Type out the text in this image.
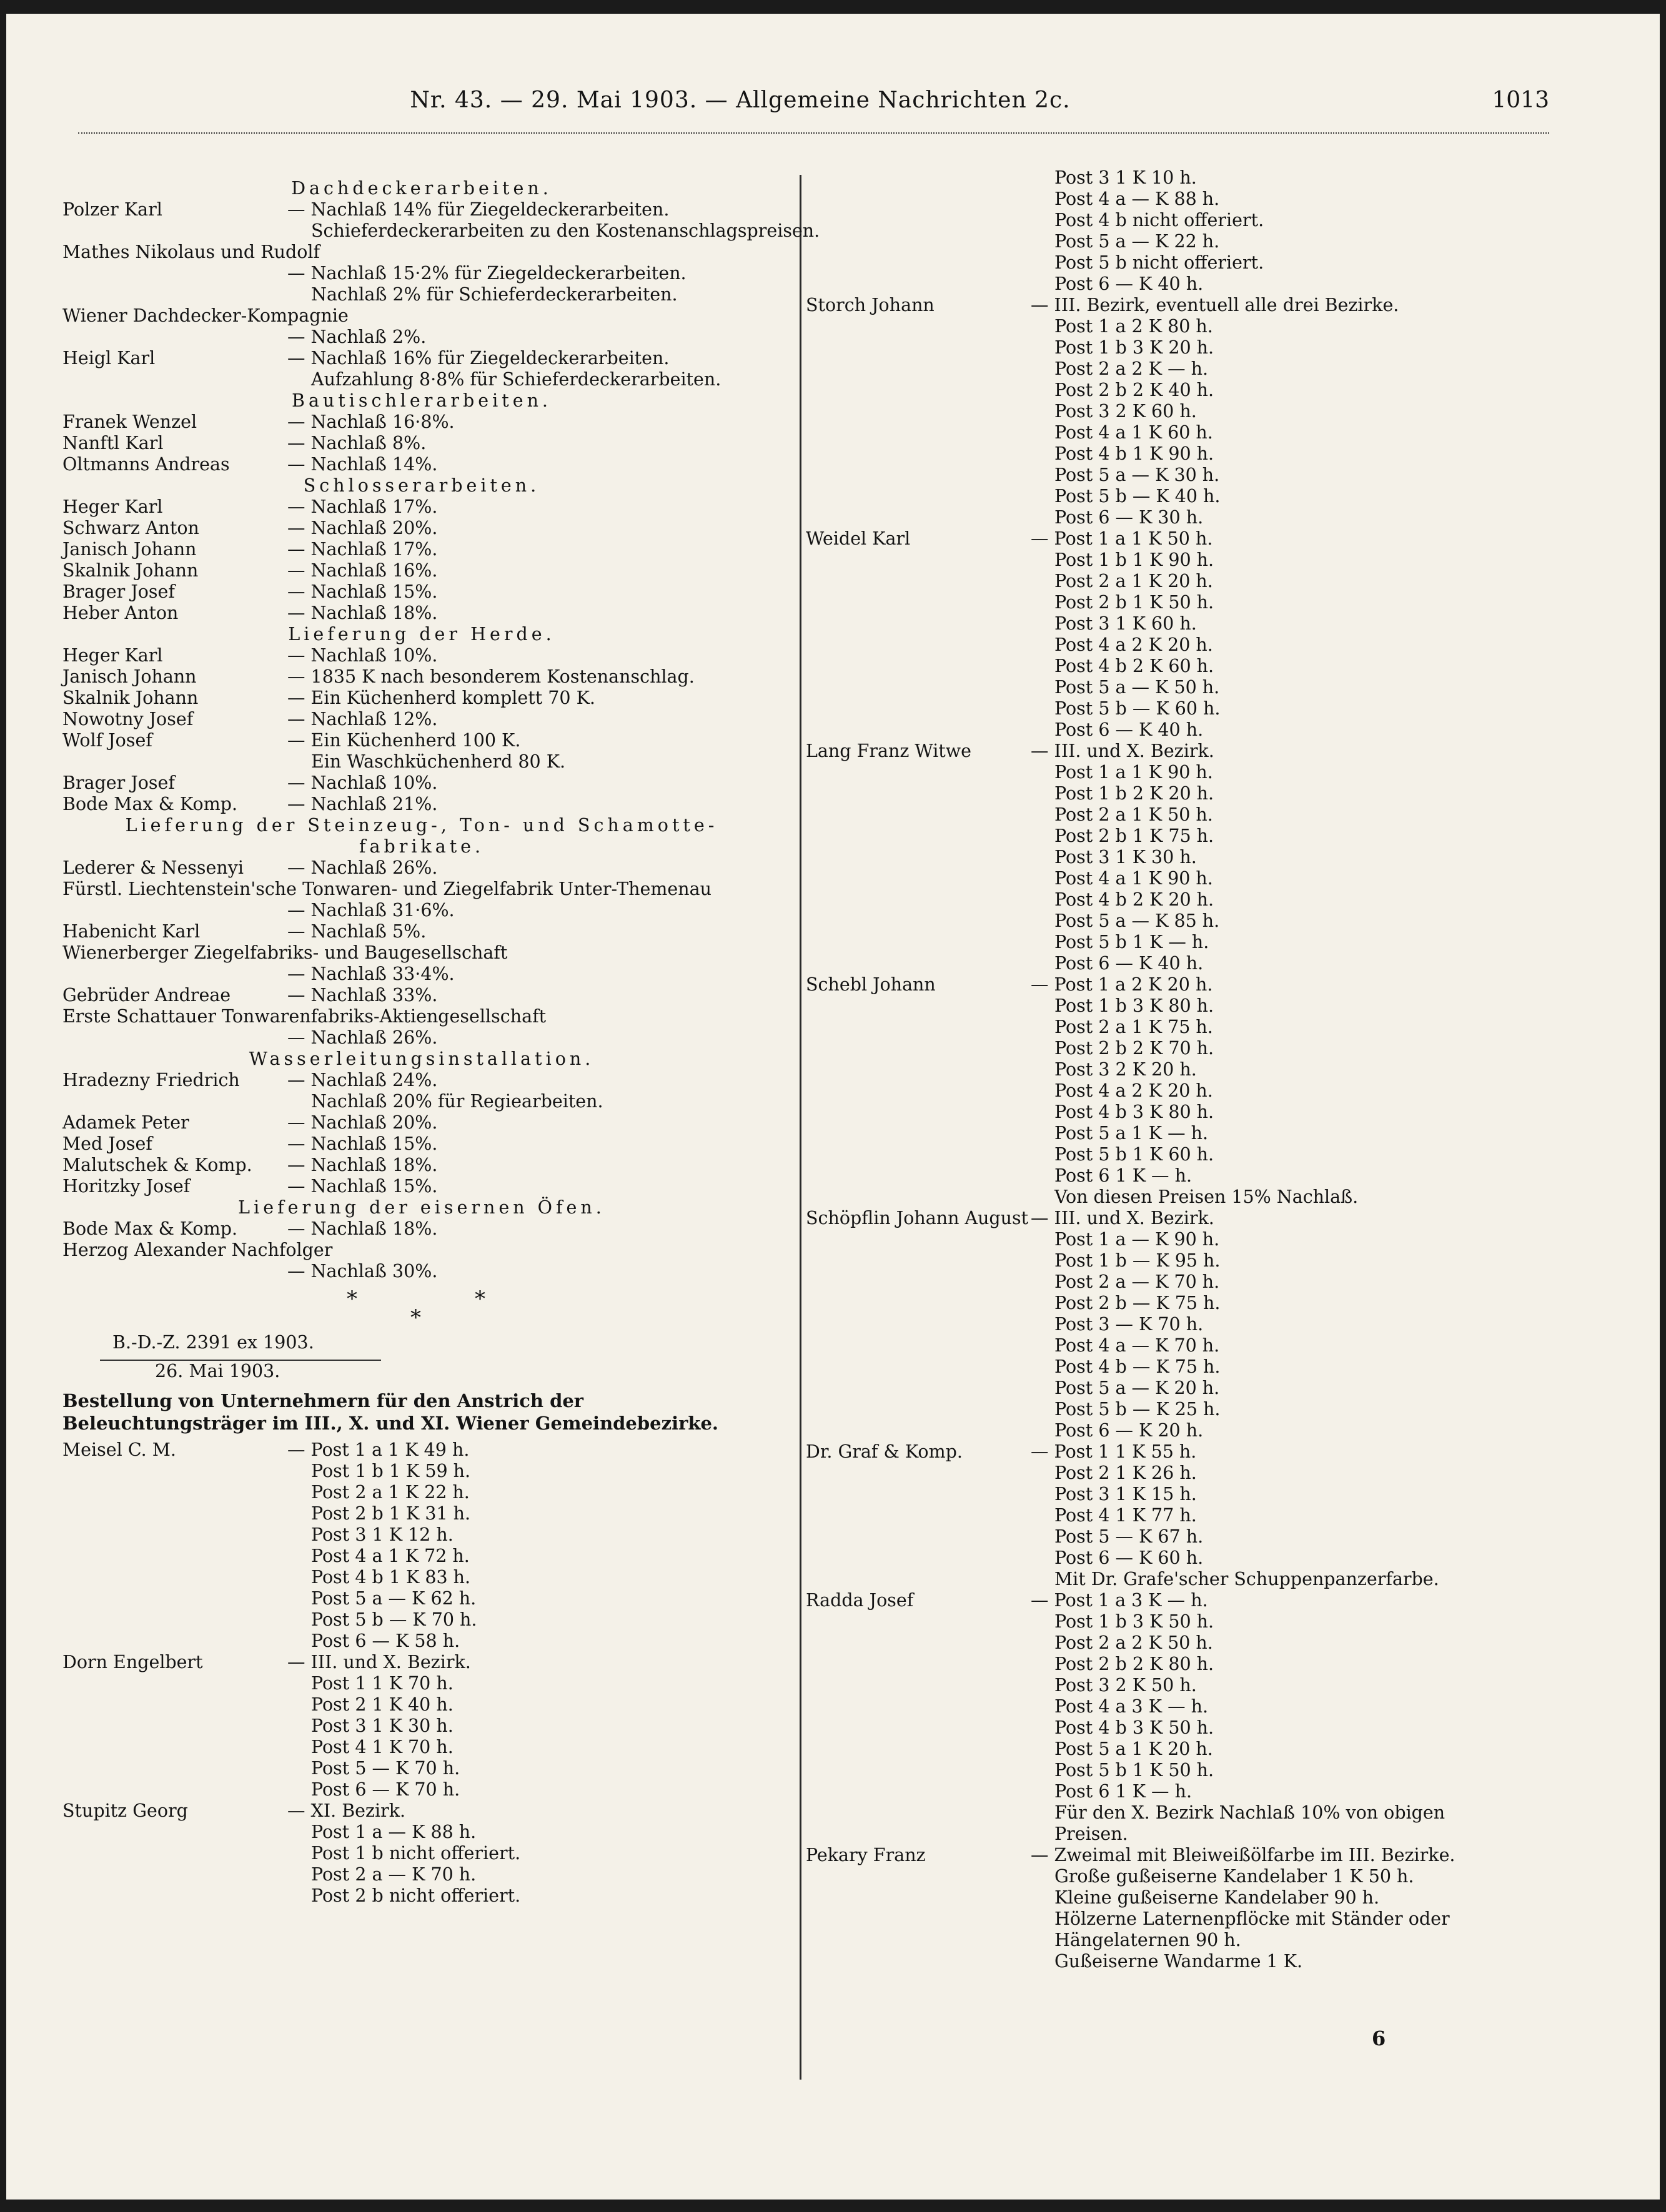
Nr. 43. — 29. Mai 1903. — Allgemeine Nachrichten 2c.	1013
Dachdeckerarbeiten.
Polzer Karl	— Nachlaß 14% für Ziegeldeckerarbeiten.
Schieferdeckerarbeiten zu den Kostenanschlagspreisen.
Mathes Nikolaus und Rudolf
— Nachlaß 15·2% für Ziegeldeckerarbeiten.
Nachlaß 2% für Schieferdeckerarbeiten.
Wiener Dachdecker-Kompagnie
— Nachlaß 2%.
Heigl Karl	— Nachlaß 16% für Ziegeldeckerarbeiten.
Aufzahlung 8·8% für Schieferdeckerarbeiten.
Bautischlerarbeiten.
Franek Wenzel	— Nachlaß 16·8%.
Nanftl Karl	— Nachlaß 8%.
Oltmanns Andreas	— Nachlaß 14%.
Schlosserarbeiten.
Heger Karl	— Nachlaß 17%.
Schwarz Anton	— Nachlaß 20%.
Janisch Johann	— Nachlaß 17%.
Skalnik Johann	— Nachlaß 16%.
Brager Josef	— Nachlaß 15%.
Heber Anton	— Nachlaß 18%.
Lieferung der Herde.
Heger Karl	— Nachlaß 10%.
Janisch Johann	— 1835 K nach besonderem Kostenanschlag.
Skalnik Johann	— Ein Küchenherd komplett 70 K.
Nowotny Josef	— Nachlaß 12%.
Wolf Josef	— Ein Küchenherd 100 K.
Ein Waschküchenherd 80 K.
Brager Josef	— Nachlaß 10%.
Bode Max & Komp.	— Nachlaß 21%.
Lieferung der Steinzeug-, Ton- und Schamotte-
fabrikate.
Lederer & Nessenyi — Nachlaß 26%.
Fürstl. Liechtenstein'sche Tonwaren- und Ziegelfabrik Unter-Themenau
— Nachlaß 31·6%.
Habenicht Karl	— Nachlaß 5%.
Wienerberger Ziegelfabriks- und Baugesellschaft
— Nachlaß 33·4%.
Gebrüder Andreae	— Nachlaß 33%.
Erste Schattauer Tonwarenfabriks-Aktiengesellschaft
— Nachlaß 26%.
Wasserleitungsinstallation.
Hradezny Friedrich	— Nachlaß 24%.
Nachlaß 20% für Regiearbeiten.
Adamek Peter	— Nachlaß 20%.
Med Josef	— Nachlaß 15%.
Malutschek & Komp. — Nachlaß 18%.
Horitzky Josef	— Nachlaß 15%.
Lieferung der eisernen Öfen.
Bode Max & Komp.	— Nachlaß 18%.
Herzog Alexander Nachfolger
— Nachlaß 30%.
*	*
*
B.-D.-Z. 2391 ex 1903.
26. Mai 1903.
Bestellung von Unternehmern für den Anstrich der Beleuchtungsträger im III., X. und XI. Wiener Gemeindebezirke.
Meisel C. M.	— Post 1 a 1 K 49 h.
Post 1 b 1 K 59 h.
Post 2 a 1 K 22 h.
Post 2 b 1 K 31 h.
Post 3 1 K 12 h.
Post 4 a 1 K 72 h.
Post 4 b 1 K 83 h.
Post 5 a — K 62 h.
Post 5 b — K 70 h.
Post 6 — K 58 h.
Dorn Engelbert	— III. und X. Bezirk.
Post 1 1 K 70 h.
Post 2 1 K 40 h.
Post 3 1 K 30 h.
Post 4 1 K 70 h.
Post 5 — K 70 h.
Post 6 — K 70 h.
Stupitz Georg	— XI. Bezirk.
Post 1 a — K 88 h.
Post 1 b nicht offeriert.
Post 2 a — K 70 h.
Post 2 b nicht offeriert.
Post 3 1 K 10 h.
Post 4 a — K 88 h.
Post 4 b nicht offeriert.
Post 5 a — K 22 h.
Post 5 b nicht offeriert.
Post 6 — K 40 h.
Storch Johann	— III. Bezirk, eventuell alle drei Bezirke.
Post 1 a 2 K 80 h.
Post 1 b 3 K 20 h.
Post 2 a 2 K — h.
Post 2 b 2 K 40 h.
Post 3 2 K 60 h.
Post 4 a 1 K 60 h.
Post 4 b 1 K 90 h.
Post 5 a — K 30 h.
Post 5 b — K 40 h.
Post 6 — K 30 h.
Weidel Karl	— Post 1 a 1 K 50 h.
Post 1 b 1 K 90 h.
Post 2 a 1 K 20 h.
Post 2 b 1 K 50 h.
Post 3 1 K 60 h.
Post 4 a 2 K 20 h.
Post 4 b 2 K 60 h.
Post 5 a — K 50 h.
Post 5 b — K 60 h.
Post 6 — K 40 h.
Lang Franz Witwe	— III. und X. Bezirk.
Post 1 a 1 K 90 h.
Post 1 b 2 K 20 h.
Post 2 a 1 K 50 h.
Post 2 b 1 K 75 h.
Post 3 1 K 30 h.
Post 4 a 1 K 90 h.
Post 4 b 2 K 20 h.
Post 5 a — K 85 h.
Post 5 b 1 K — h.
Post 6 — K 40 h.
Schebl Johann	— Post 1 a 2 K 20 h.
Post 1 b 3 K 80 h.
Post 2 a 1 K 75 h.
Post 2 b 2 K 70 h.
Post 3 2 K 20 h.
Post 4 a 2 K 20 h.
Post 4 b 3 K 80 h.
Post 5 a 1 K — h.
Post 5 b 1 K 60 h.
Post 6 1 K — h.
Von diesen Preisen 15% Nachlaß.
Schöpflin Johann August — III. und X. Bezirk.
Post 1 a — K 90 h.
Post 1 b — K 95 h.
Post 2 a — K 70 h.
Post 2 b — K 75 h.
Post 3 — K 70 h.
Post 4 a — K 70 h.
Post 4 b — K 75 h.
Post 5 a — K 20 h.
Post 5 b — K 25 h.
Post 6 — K 20 h.
Dr. Graf & Komp.	— Post 1 1 K 55 h.
Post 2 1 K 26 h.
Post 3 1 K 15 h.
Post 4 1 K 77 h.
Post 5 — K 67 h.
Post 6 — K 60 h.
Mit Dr. Grafe'scher Schuppenpanzerfarbe.
Radda Josef	— Post 1 a 3 K — h.
Post 1 b 3 K 50 h.
Post 2 a 2 K 50 h.
Post 2 b 2 K 80 h.
Post 3 2 K 50 h.
Post 4 a 3 K — h.
Post 4 b 3 K 50 h.
Post 5 a 1 K 20 h.
Post 5 b 1 K 50 h.
Post 6 1 K — h.
Für den X. Bezirk Nachlaß 10% von obigen
Preisen.
Pekary Franz	— Zweimal mit Bleiweißölfarbe im III. Bezirke.
Große gußeiserne Kandelaber 1 K 50 h.
Kleine gußeiserne Kandelaber 90 h.
Hölzerne Laternenpflöcke mit Ständer oder
Hängelaternen 90 h.
Gußeiserne Wandarme 1 K.
6
